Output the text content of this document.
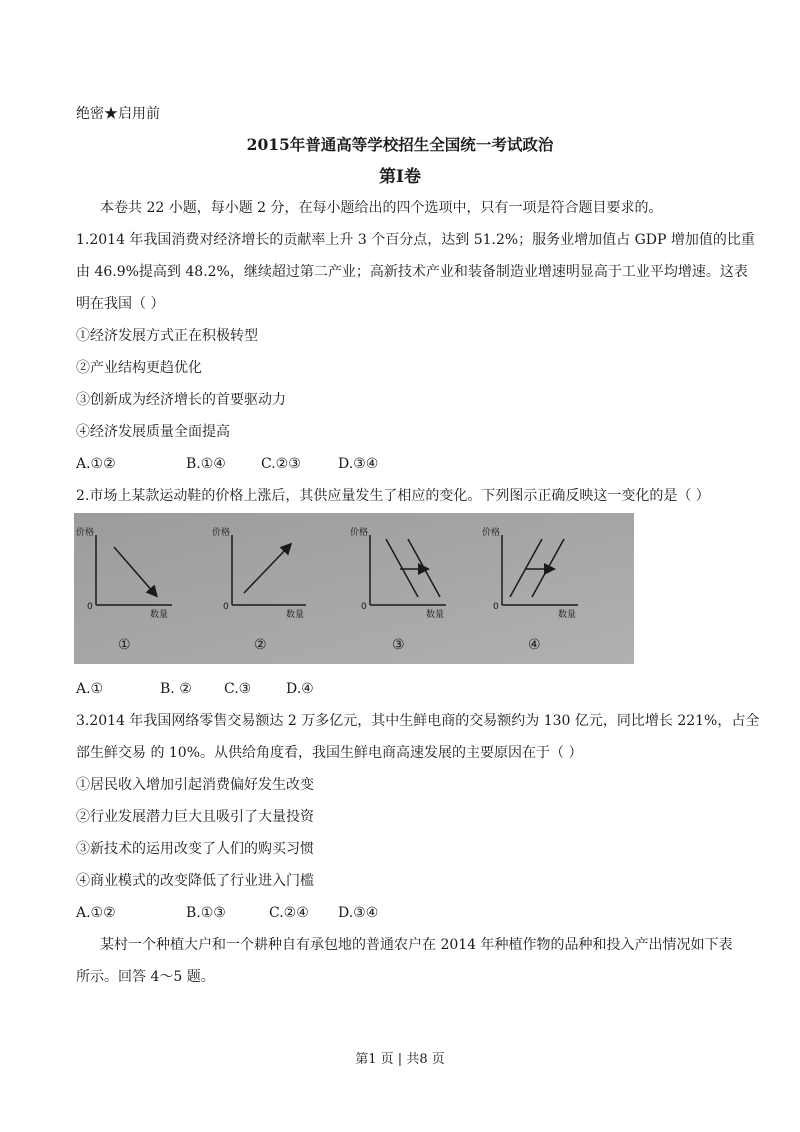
绝密★启用前
2015年普通高等学校招生全国统一考试政治
第Ⅰ卷
本卷共 22 小题，每小题 2 分，在每小题给出的四个选项中，只有一项是符合题目要求的。
1.2014 年我国消费对经济增长的贡献率上升 3 个百分点，达到 51.2%；服务业增加值占 GDP 增加值的比重
由 46.9%提高到 48.2%，继续超过第二产业；高新技术产业和装备制造业增速明显高于工业平均增速。这表
明在我国（ ）
①经济发展方式正在积极转型
②产业结构更趋优化
③创新成为经济增长的首要驱动力
④经济发展质量全面提高
A.①②	B.①④	C.②③	D.③④
2.市场上某款运动鞋的价格上涨后，其供应量发生了相应的变化。下列图示正确反映这一变化的是（ ）
价格
数量
0
①
价格
数量
0
②
价格
数量
0
③
价格
数量
0
④
A.①	B. ② C.③ D.④
3.2014 年我国网络零售交易额达 2 万多亿元，其中生鲜电商的交易额约为 130 亿元，同比增长 221%，占全
部生鲜交易 的 10%。从供给角度看，我国生鲜电商高速发展的主要原因在于（ ）
①居民收入增加引起消费偏好发生改变
②行业发展潜力巨大且吸引了大量投资
③新技术的运用改变了人们的购买习惯
④商业模式的改变降低了行业进入门槛
A.①②	B.①③	C.②④ D.③④
某村一个种植大户和一个耕种自有承包地的普通农户在 2014 年种植作物的品种和投入产出情况如下表
所示。回答 4～5 题。
第1 页 | 共8 页
